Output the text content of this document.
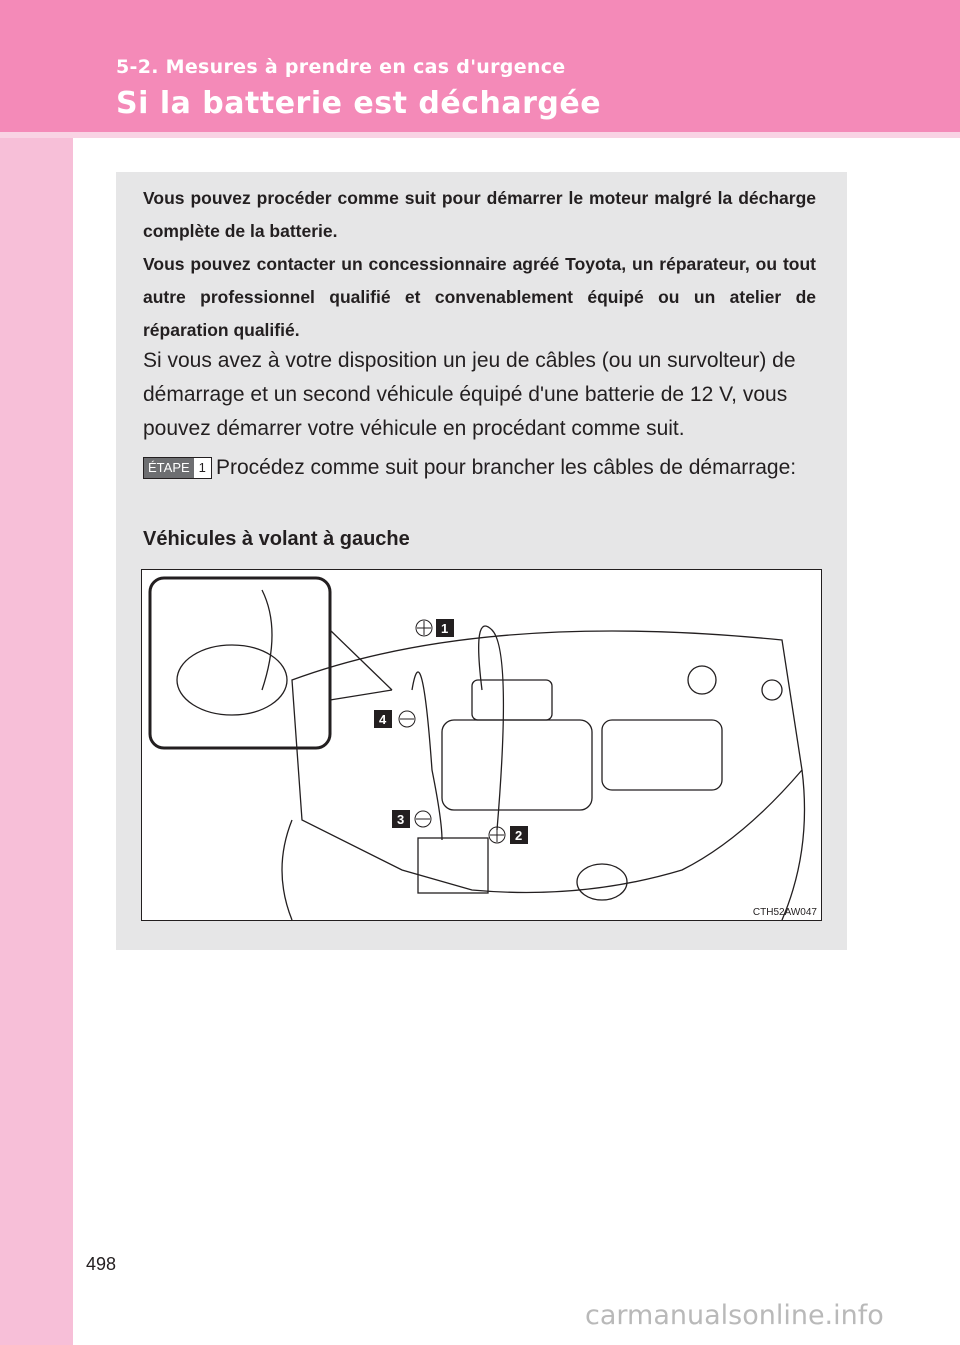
5-2. Mesures à prendre en cas d'urgence
Si la batterie est déchargée

Vous pouvez procéder comme suit pour démarrer le moteur malgré la décharge complète de la batterie.

Vous pouvez contacter un concessionnaire agréé Toyota, un réparateur, ou tout autre professionnel qualifié et convenablement équipé ou un atelier de réparation qualifié.

Si vous avez à votre disposition un jeu de câbles (ou un survolteur) de démarrage et un second véhicule équipé d'une batterie de 12 V, vous pouvez démarrer votre véhicule en procédant comme suit.
ÉTAPE 1 Procédez comme suit pour brancher les câbles de démarrage:
Véhicules à volant à gauche
1
2
3
4
CTH52AW047
498
carmanualsonline.info
